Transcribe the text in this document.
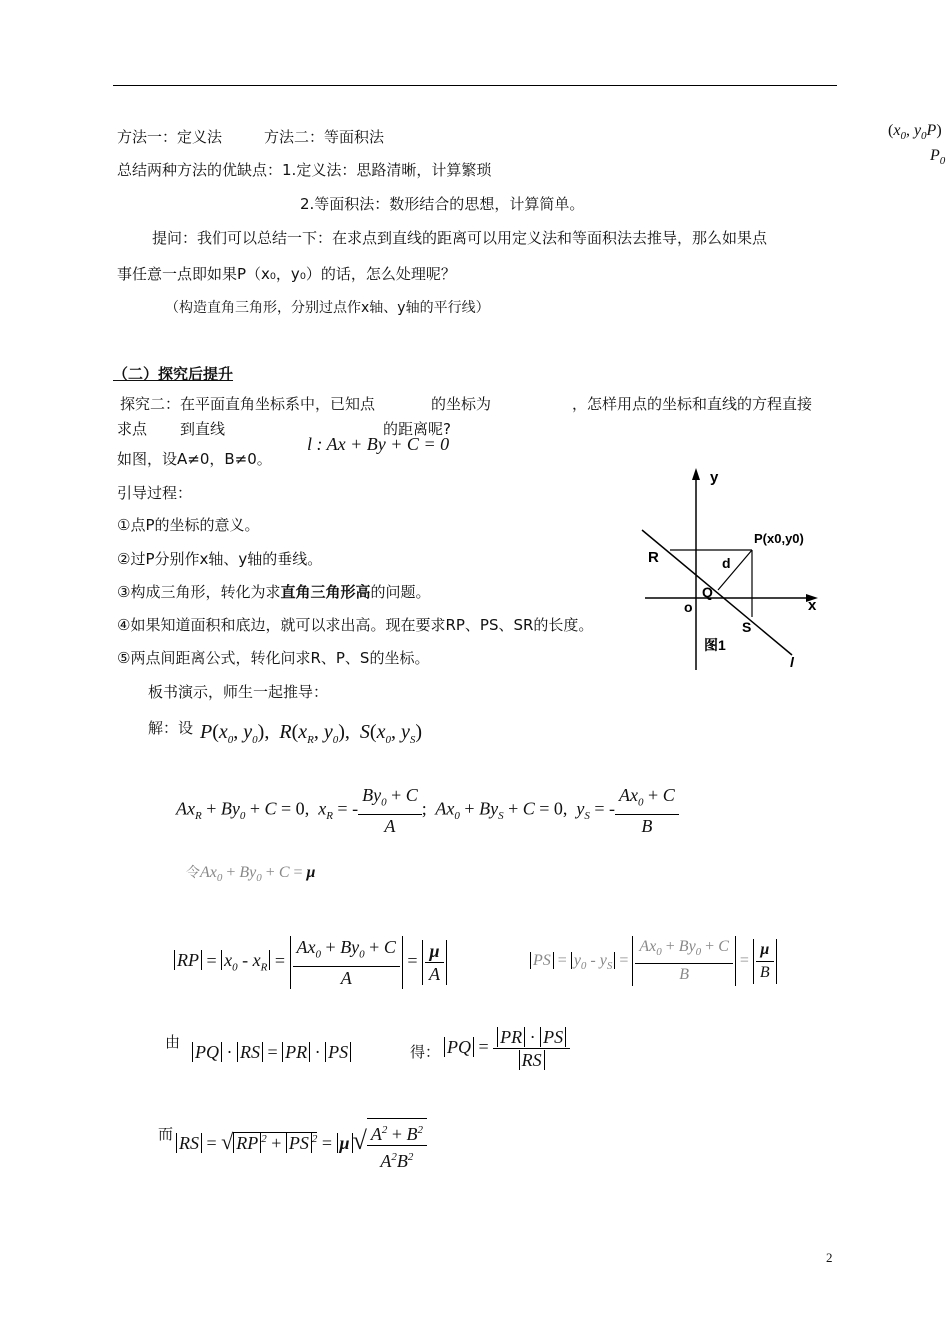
($x_0$, $y_0P$)
$P_0$
方法一：定义法	方法二：等面积法
总结两种方法的优缺点：1.定义法：思路清晰，计算繁琐
2.等面积法：数形结合的思想，计算简单。
提问：我们可以总结一下：在求点到直线的距离可以用定义法和等面积法去推导，那么如果点
事任意一点即如果P（x₀，y₀）的话，怎么处理呢？
（构造直角三角形，分别过点作x轴、y轴的平行线）
（二）探究后提升
探究二：在平面直角坐标系中，已知点	的坐标为	，怎样用点的坐标和直线的方程直接
求点 到直线	的距离呢?
l : Ax + By + C = 0
如图，设A≠0，B≠0。
引导过程：
①点P的坐标的意义。
②过P分别作x轴、y轴的垂线。
③构成三角形，转化为求直角三角形高的问题。
④如果知道面积和底边，就可以求出高。现在要求RP、PS、SR的长度。
⑤两点间距离公式，转化问求R、P、S的坐标。
板书演示，师生一起推导：
y
x
o
R	d
Q
S
P(x0,y0)
图1
l
解：设 $P(x_0$, $y_0$),  $R(x_R$, $y_0$),  $S(x_0$, $y_S$)
$Ax_R + By_0 + C = 0$,  $x_R$ = - $\frac{By_0 + C}{A}$ ;  $Ax_0 + By_S + C = 0$,  $y_S$ = - $\frac{Ax_0 + C}{B}$
令$Ax_0 + By_0 + C = \mu$
RP = $x_0 - x_R = \frac{Ax_0 + By_0 + C}{A} = \frac{\mu}{A}$	PS = $y_0 - y_S = \frac{Ax_0 + By_0 + C}{B} = \frac{\mu}{B}$
由 PQ · RS = PR · PS	得： PQ = $\frac{PR \cdot PS}{RS}$
而 RS = √ RP $^2$ + PS $^2$ = μ √ $\frac{A^2 + B^2}{A^2B^2}$
2
